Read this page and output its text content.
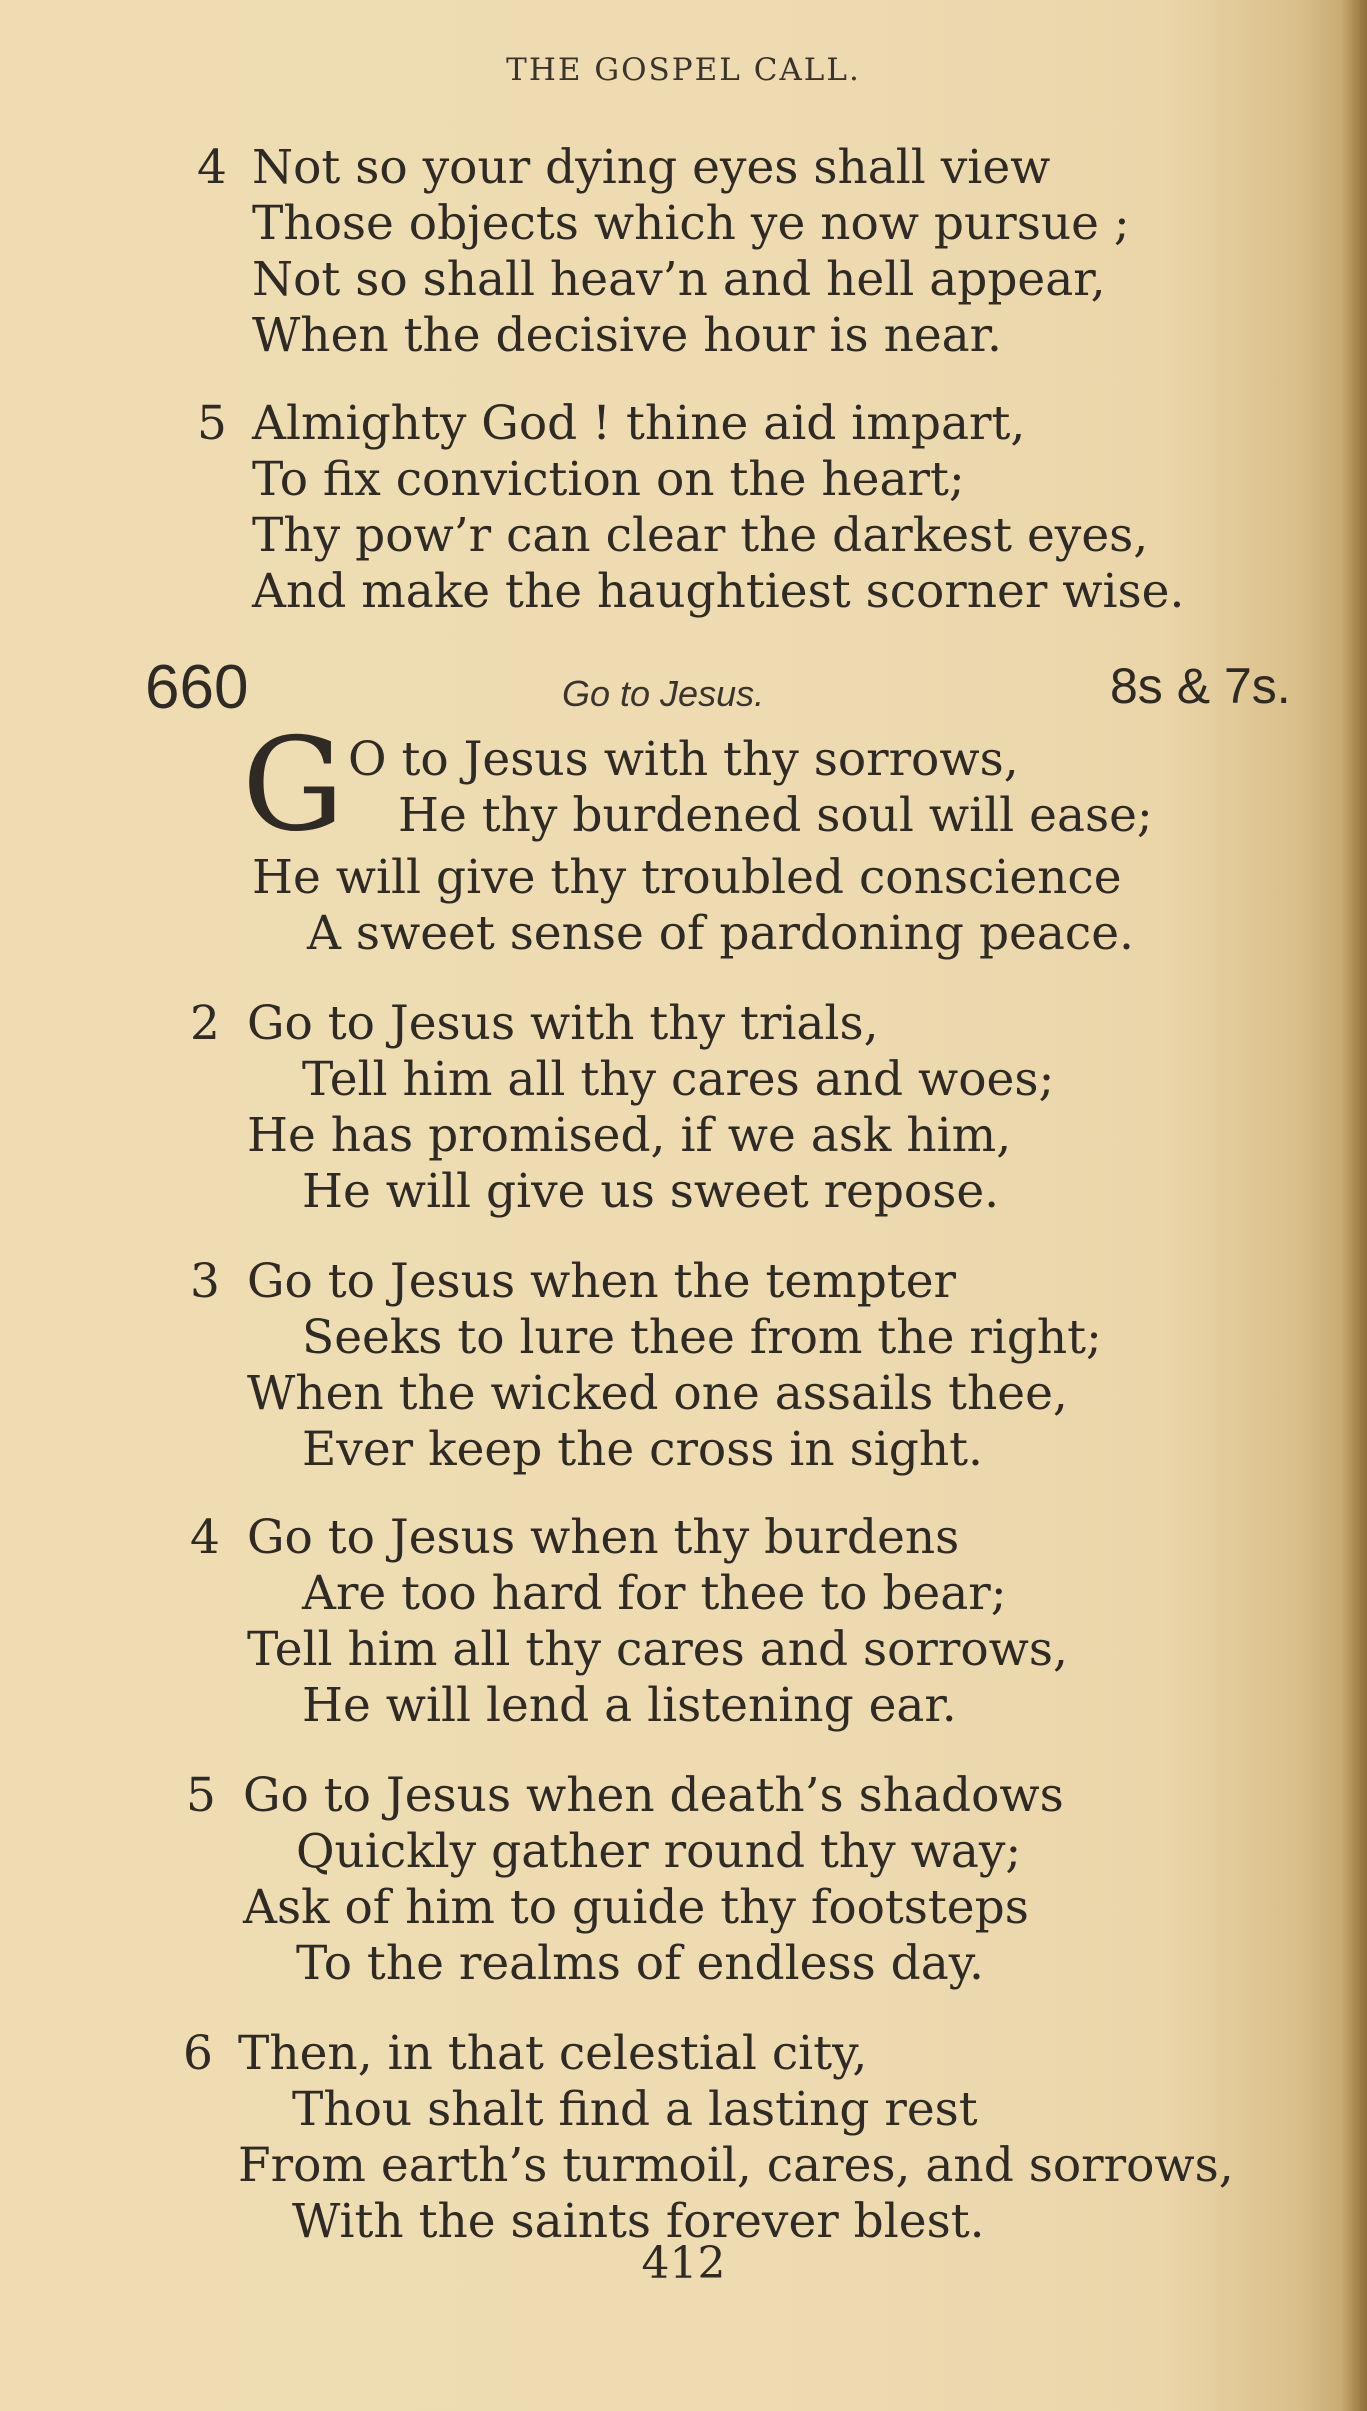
THE GOSPEL CALL.
4 Not so your dying eyes shall view
Those objects which ye now pursue ;
Not so shall heav’n and hell appear,
When the decisive hour is near.
5 Almighty God ! thine aid impart,
To fix conviction on the heart;
Thy pow’r can clear the darkest eyes,
And make the haughtiest scorner wise.
660	Go to Jesus.	8s & 7s.
G O to Jesus with thy sorrows,
He thy burdened soul will ease;
He will give thy troubled conscience
A sweet sense of pardoning peace.
2 Go to Jesus with thy trials,
Tell him all thy cares and woes;
He has promised, if we ask him,
He will give us sweet repose.
3 Go to Jesus when the tempter
Seeks to lure thee from the right;
When the wicked one assails thee,
Ever keep the cross in sight.
4 Go to Jesus when thy burdens
Are too hard for thee to bear;
Tell him all thy cares and sorrows,
He will lend a listening ear.
5 Go to Jesus when death’s shadows
Quickly gather round thy way;
Ask of him to guide thy footsteps
To the realms of endless day.
6 Then, in that celestial city,
Thou shalt find a lasting rest
From earth’s turmoil, cares, and sorrows,
With the saints forever blest.
412
